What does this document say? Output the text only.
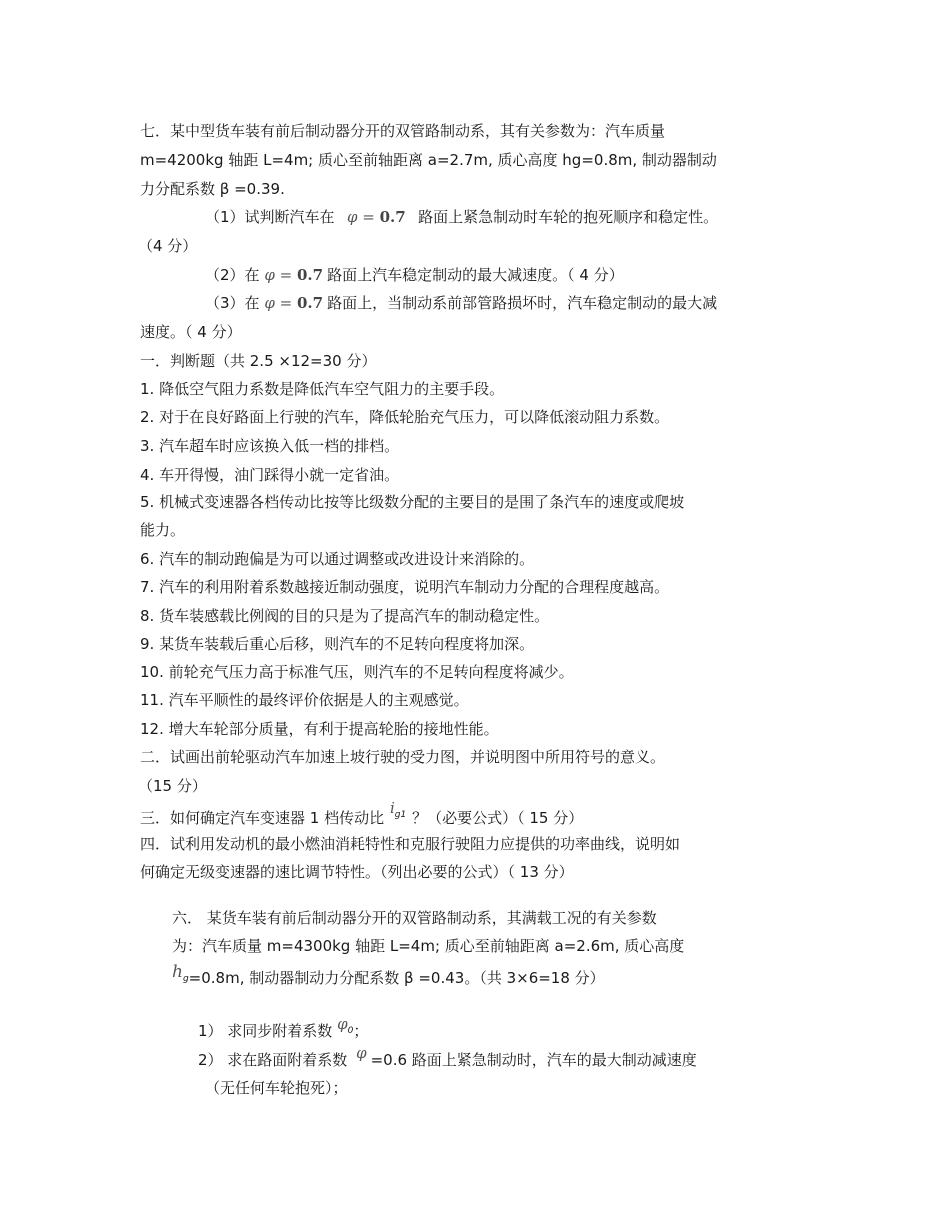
七．某中型货车装有前后制动器分开的双管路制动系，其有关参数为：汽车质量
m=4200kg 轴距 L=4m; 质心至前轴距离 a=2.7m, 质心高度 hg=0.8m, 制动器制动
力分配系数 β =0.39.
（1）试判断汽车在 φ = 0.7 路面上紧急制动时车轮的抱死顺序和稳定性。
（4 分）
（2）在 φ = 0.7 路面上汽车稳定制动的最大减速度。（ 4 分）
（3）在 φ = 0.7 路面上，当制动系前部管路损坏时，汽车稳定制动的最大减
速度。（ 4 分）
一．判断题（共 2.5 ×12=30 分）
1. 降低空气阻力系数是降低汽车空气阻力的主要手段。
2. 对于在良好路面上行驶的汽车，降低轮胎充气压力，可以降低滚动阻力系数。
3. 汽车超车时应该换入低一档的排档。
4. 车开得慢，油门踩得小就一定省油。
5. 机械式变速器各档传动比按等比级数分配的主要目的是围了条汽车的速度或爬坡
能力。
6. 汽车的制动跑偏是为可以通过调整或改进设计来消除的。
7. 汽车的利用附着系数越接近制动强度，说明汽车制动力分配的合理程度越高。
8. 货车装感载比例阀的目的只是为了提高汽车的制动稳定性。
9. 某货车装载后重心后移，则汽车的不足转向程度将加深。
10. 前轮充气压力高于标准气压，则汽车的不足转向程度将减少。
11. 汽车平顺性的最终评价依据是人的主观感觉。
12. 增大车轮部分质量，有利于提高轮胎的接地性能。
二．试画出前轮驱动汽车加速上坡行驶的受力图，并说明图中所用符号的意义。
（15 分）
三．如何确定汽车变速器 1 档传动比$i^{g1}$ ？（必要公式）（ 15 分）
四．试利用发动机的最小燃油消耗特性和克服行驶阻力应提供的功率曲线，说明如
何确定无级变速器的速比调节特性。（列出必要的公式）（ 13 分）
六． 某货车装有前后制动器分开的双管路制动系，其满载工况的有关参数
为：汽车质量 m=4300kg 轴距 L=4m; 质心至前轴距离 a=2.6m, 质心高度
$h_g=0.8m$, 制动器制动力分配系数 β =0.43。（共 3×6=18 分）
1） 求同步附着系数 $\varphi_0$；
2） 求在路面附着系数 φ =0.6 路面上紧急制动时，汽车的最大制动减速度
（无任何车轮抱死）；
